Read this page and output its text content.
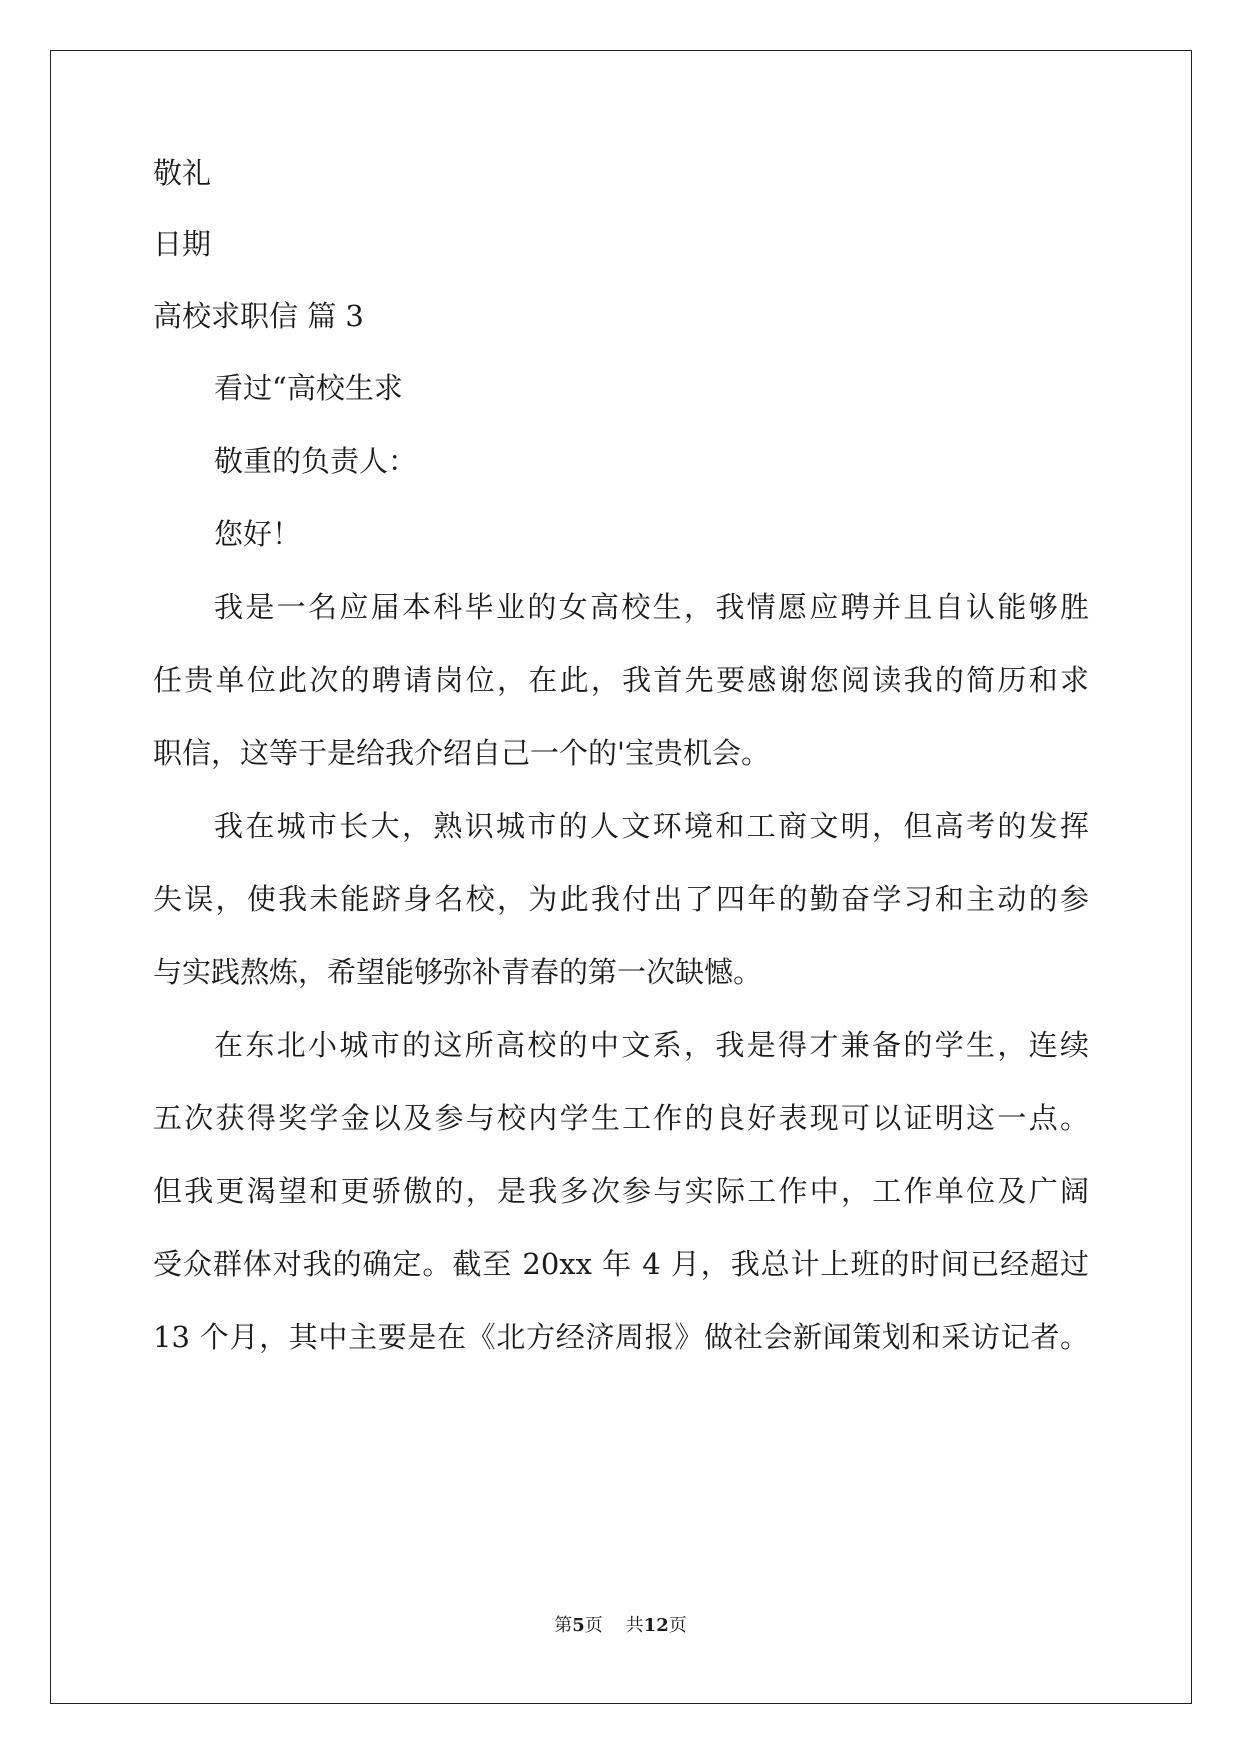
敬礼
日期
高校求职信 篇 3
看过“高校生求
敬重的负责人：
您好！
我是一名应届本科毕业的女高校生，我情愿应聘并且自认能够胜
任贵单位此次的聘请岗位，在此，我首先要感谢您阅读我的简历和求
职信，这等于是给我介绍自己一个的'宝贵机会。
我在城市长大，熟识城市的人文环境和工商文明，但高考的发挥
失误，使我未能跻身名校，为此我付出了四年的勤奋学习和主动的参
与实践熬炼，希望能够弥补青春的第一次缺憾。
在东北小城市的这所高校的中文系，我是得才兼备的学生，连续
五次获得奖学金以及参与校内学生工作的良好表现可以证明这一点。
但我更渴望和更骄傲的，是我多次参与实际工作中，工作单位及广阔
受众群体对我的确定。截至 20xx 年 4 月，我总计上班的时间已经超过
13 个月，其中主要是在《北方经济周报》做社会新闻策划和采访记者。
第5页 共12页
